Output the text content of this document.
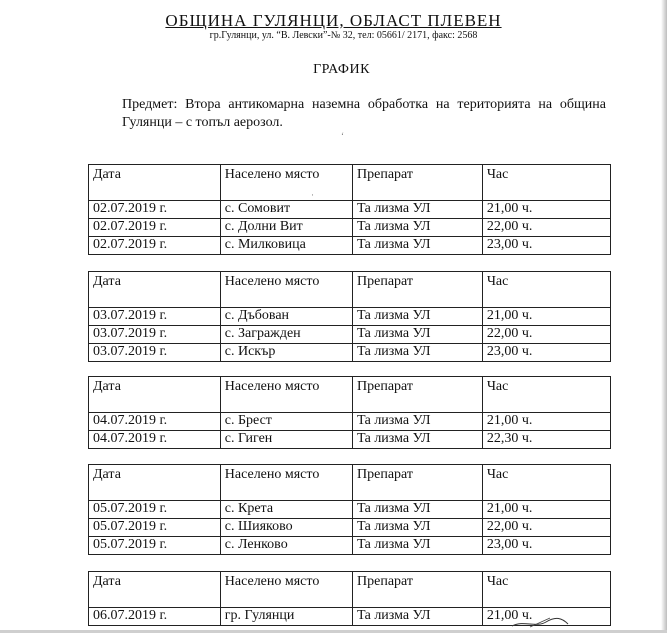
ОБЩИНА ГУЛЯНЦИ, ОБЛАСТ ПЛЕВЕН
гр.Гулянци, ул. “В. Левски”-№ 32, тел: 05661/ 2171, факс: 2568
ГРАФИК
Предмет: Втора антикомарна наземна обработка на територията на община
Гулянци – с топъл аерозол.
‘
·
Дата	Населено място	Препарат	Час
02.07.2019 г.	с. Сомовит	Ta лизма УЛ	21,00 ч.
02.07.2019 г.	с. Долни Вит	Ta лизма УЛ	22,00 ч.
02.07.2019 г.	с. Милковица	Ta лизма УЛ	23,00 ч.
Дата	Населено място	Препарат	Час
03.07.2019 г.	с. Дъбован	Ta лизма УЛ	21,00 ч.
03.07.2019 г.	с. Загражден	Ta лизма УЛ	22,00 ч.
03.07.2019 г.	с. Искър	Ta лизма УЛ	23,00 ч.
Дата	Населено място	Препарат	Час
04.07.2019 г.	с. Брест	Ta лизма УЛ	21,00 ч.
04.07.2019 г.	с. Гиген	Ta лизма УЛ	22,30 ч.
Дата	Населено място	Препарат	Час
05.07.2019 г.	с. Крета	Ta лизма УЛ	21,00 ч.
05.07.2019 г.	с. Шияково	Ta лизма УЛ	22,00 ч.
05.07.2019 г.	с. Ленково	Ta лизма УЛ	23,00 ч.
Дата	Населено място	Препарат	Час
06.07.2019 г.	гр. Гулянци	Ta лизма УЛ	21,00 ч.
